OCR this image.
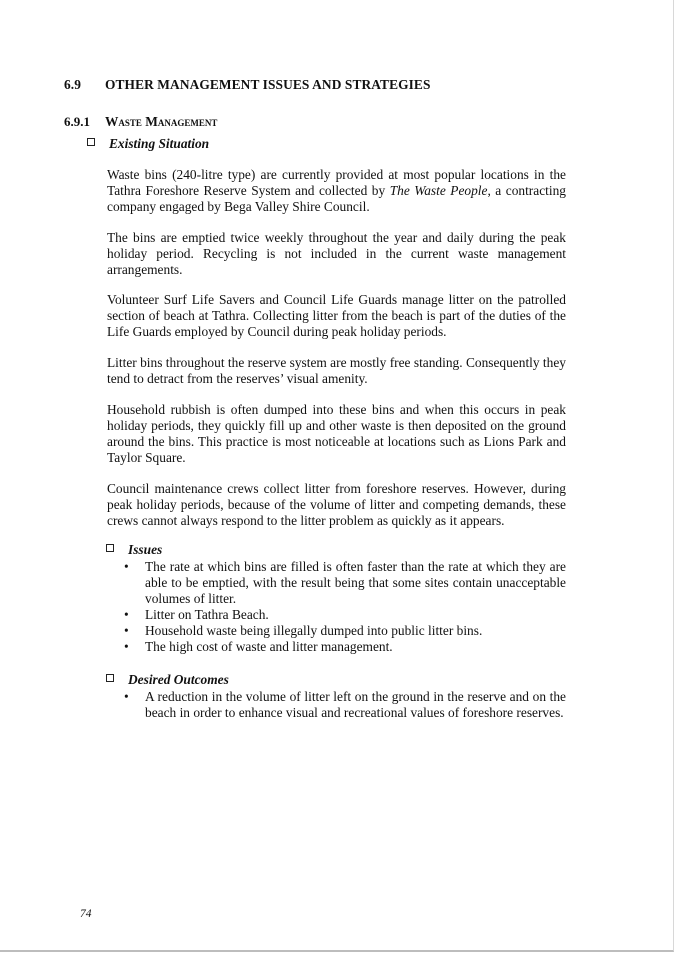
6.9 OTHER MANAGEMENT ISSUES AND STRATEGIES
6.9.1 Waste Management
Existing Situation

Waste bins (240-litre type) are currently provided at most popular locations in the Tathra Foreshore Reserve System and collected by The Waste People, a contracting company engaged by Bega Valley Shire Council.

The bins are emptied twice weekly throughout the year and daily during the peak holiday period. Recycling is not included in the current waste management arrangements.

Volunteer Surf Life Savers and Council Life Guards manage litter on the patrolled section of beach at Tathra. Collecting litter from the beach is part of the duties of the Life Guards employed by Council during peak holiday periods.

Litter bins throughout the reserve system are mostly free standing. Consequently they tend to detract from the reserves’ visual amenity.

Household rubbish is often dumped into these bins and when this occurs in peak holiday periods, they quickly fill up and other waste is then deposited on the ground around the bins. This practice is most noticeable at locations such as Lions Park and Taylor Square.

Council maintenance crews collect litter from foreshore reserves. However, during peak holiday periods, because of the volume of litter and competing demands, these crews cannot always respond to the litter problem as quickly as it appears.

Issues
• The rate at which bins are filled is often faster than the rate at which they are able to be emptied, with the result being that some sites contain unacceptable volumes of litter.
• Litter on Tathra Beach.
• Household waste being illegally dumped into public litter bins.
• The high cost of waste and litter management.
Desired Outcomes
• A reduction in the volume of litter left on the ground in the reserve and on the beach in order to enhance visual and recreational values of foreshore reserves.
74
